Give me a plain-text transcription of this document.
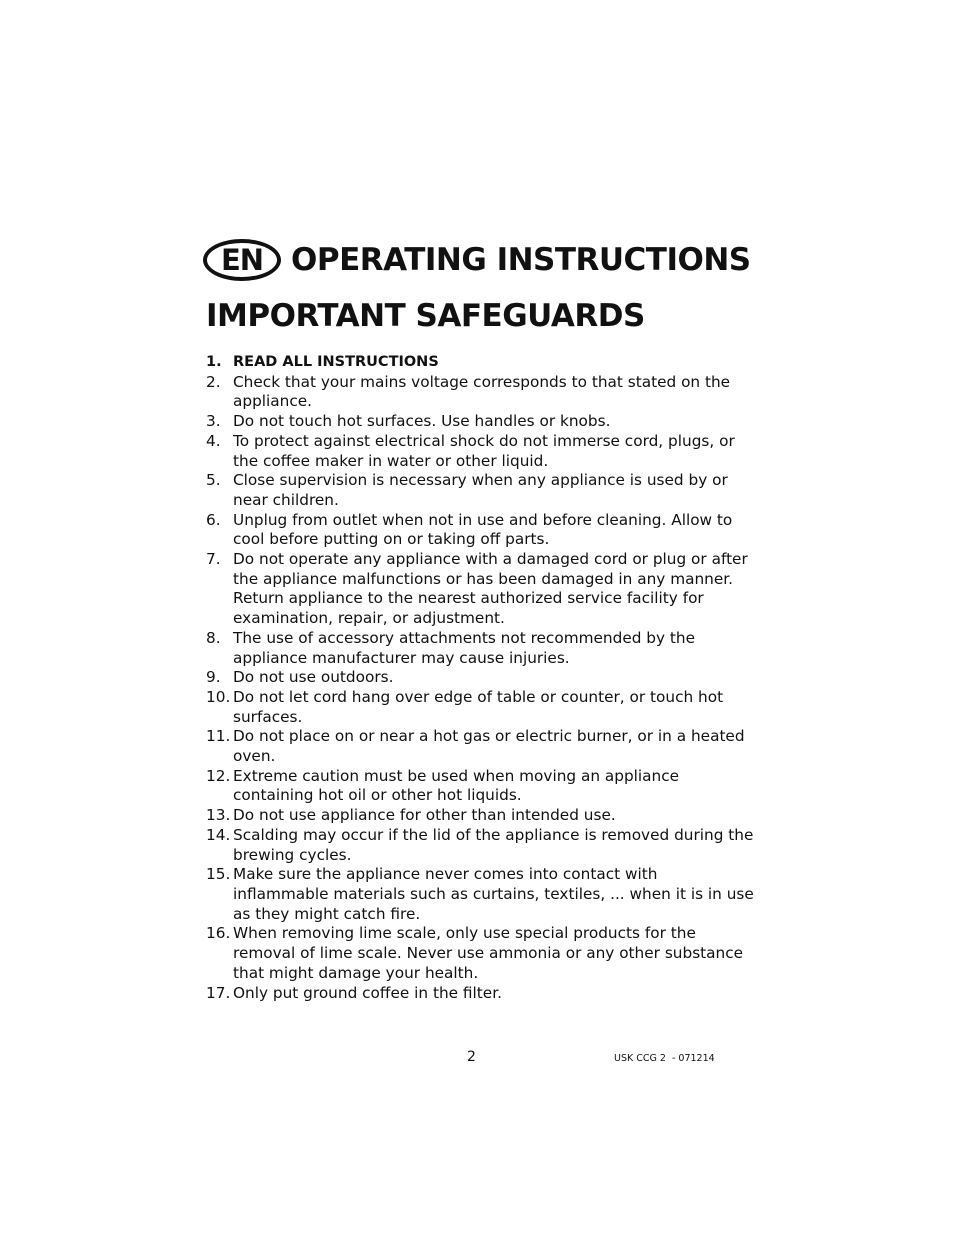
EN OPERATING INSTRUCTIONS
IMPORTANT SAFEGUARDS
1. READ ALL INSTRUCTIONS
2. Check that your mains voltage corresponds to that stated on the appliance.
3. Do not touch hot surfaces. Use handles or knobs.
4. To protect against electrical shock do not immerse cord, plugs, or the coffee maker in water or other liquid.
5. Close supervision is necessary when any appliance is used by or near children.
6. Unplug from outlet when not in use and before cleaning. Allow to cool before putting on or taking off parts.
7. Do not operate any appliance with a damaged cord or plug or after the appliance malfunctions or has been damaged in any manner. Return appliance to the nearest authorized service facility for examination, repair, or adjustment.
8. The use of accessory attachments not recommended by the appliance manufacturer may cause injuries.
9. Do not use outdoors.
10. Do not let cord hang over edge of table or counter, or touch hot surfaces.
11. Do not place on or near a hot gas or electric burner, or in a heated oven.
12. Extreme caution must be used when moving an appliance containing hot oil or other hot liquids.
13. Do not use appliance for other than intended use.
14. Scalding may occur if the lid of the appliance is removed during the brewing cycles.
15. Make sure the appliance never comes into contact with inflammable materials such as curtains, textiles, ... when it is in use as they might catch fire.
16. When removing lime scale, only use special products for the removal of lime scale. Never use ammonia or any other substance that might damage your health.
17. Only put ground coffee in the filter.
2	USK CCG 2  - 071214
